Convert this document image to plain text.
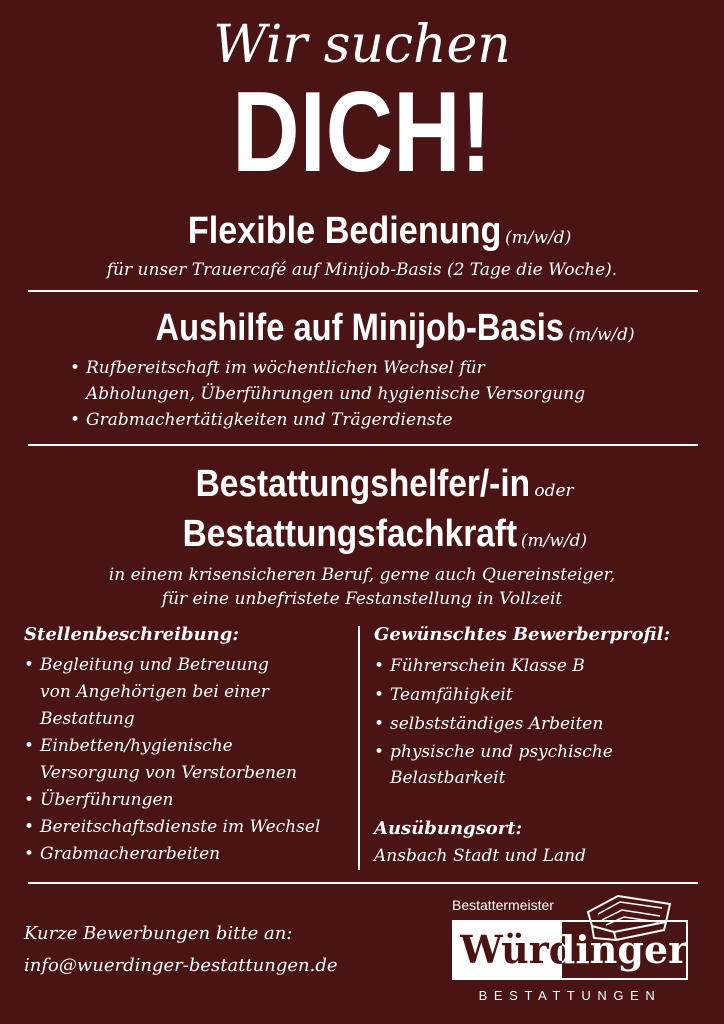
Wir suchen
DICH!
Flexible Bedienung (m/w/d)
für unser Trauercafé auf Minijob-Basis (2 Tage die Woche).
Aushilfe auf Minijob-Basis (m/w/d)
• Rufbereitschaft im wöchentlichen Wechsel für
Abholungen, Überführungen und hygienische Versorgung
• Grabmachertätigkeiten und Trägerdienste
Bestattungshelfer/-in oder
Bestattungsfachkraft (m/w/d)
in einem krisensicheren Beruf, gerne auch Quereinsteiger,
für eine unbefristete Festanstellung in Vollzeit
Stellenbeschreibung:
• Begleitung und Betreuung
von Angehörigen bei einer
Bestattung
• Einbetten/hygienische
Versorgung von Verstorbenen
• Überführungen
• Bereitschaftsdienste im Wechsel
• Grabmacherarbeiten
Gewünschtes Bewerberprofil:
• Führerschein Klasse B
• Teamfähigkeit
• selbstständiges Arbeiten
• physische und psychische
Belastbarkeit
Ausübungsort:
Ansbach Stadt und Land
Kurze Bewerbungen bitte an:
info@wuerdinger-bestattungen.de
Bestattermeister
Würdinger
BESTATTUNGEN
